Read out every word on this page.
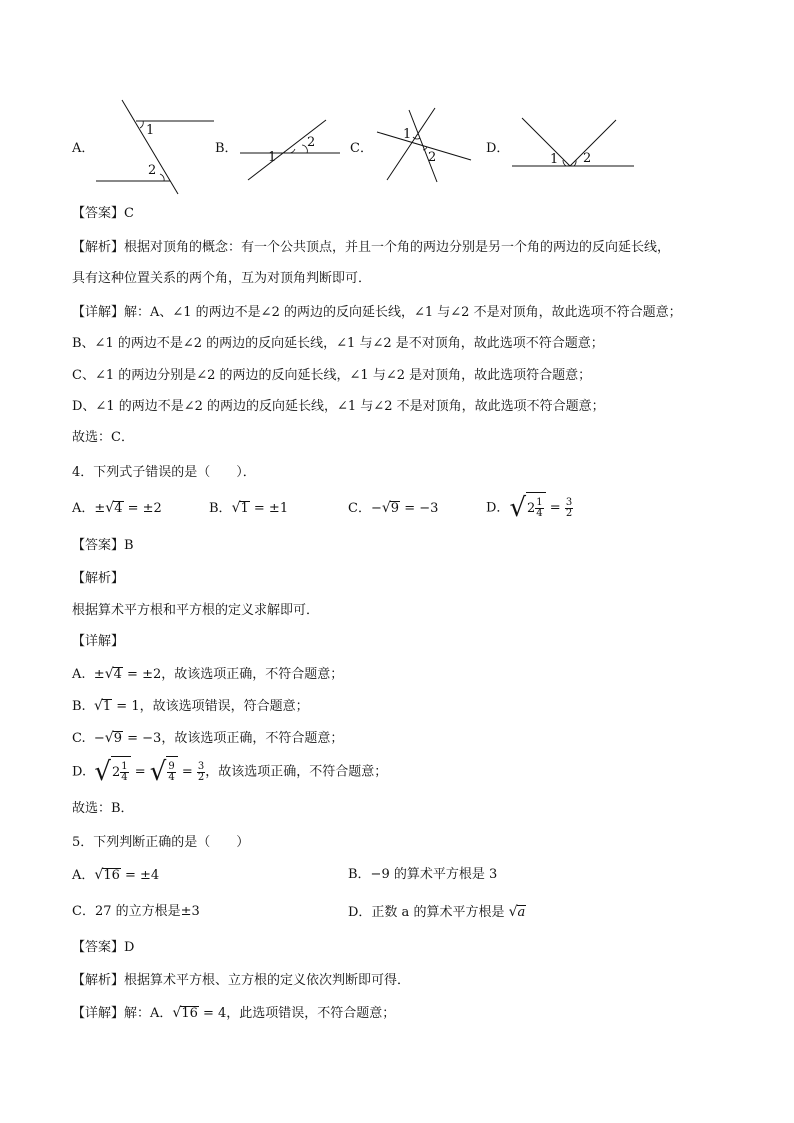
A．
1
2
B．
1
2	C．
1
2
D．
1 2
【答案】C
【解析】根据对顶角的概念：有一个公共顶点，并且一个角的两边分别是另一个角的两边的反向延长线，
具有这种位置关系的两个角，互为对顶角判断即可．
【详解】解：A、∠1 的两边不是∠2 的两边的反向延长线，∠1 与∠2 不是对顶角，故此选项不符合题意；
B、∠1 的两边不是∠2 的两边的反向延长线，∠1 与∠2 是不对顶角，故此选项不符合题意；
C、∠1 的两边分别是∠2 的两边的反向延长线，∠1 与∠2 是对顶角，故此选项符合题意；
D、∠1 的两边不是∠2 的两边的反向延长线，∠1 与∠2 不是对顶角，故此选项不符合题意；
故选：C．
4．下列式子错误的是（　　）．
A．±√4 = ±2	B．√1 = ±1	C．−√9 = −3	D．$√2 \frac{1}{4} = \frac{3}{2}$
【答案】B
【解析】
根据算术平方根和平方根的定义求解即可．
【详解】
A. ±√4 = ±2，故该选项正确，不符合题意；
B. √1 = 1，故该选项错误，符合题意；
C. −√9 = −3，故该选项正确，不符合题意；
D. $√2 \frac{1}{4}$ = √ $\frac{9}{4} = \frac{3}{2}$ ，故该选项正确，不符合题意；
故选：B．
5．下列判断正确的是（　　）
A．√16 = ±4	B．−9 的算术平方根是 3
C．27 的立方根是±3	D．正数 a 的算术平方根是 √a
【答案】D
【解析】根据算术平方根、立方根的定义依次判断即可得．
【详解】解：A．√16 = 4，此选项错误，不符合题意；
